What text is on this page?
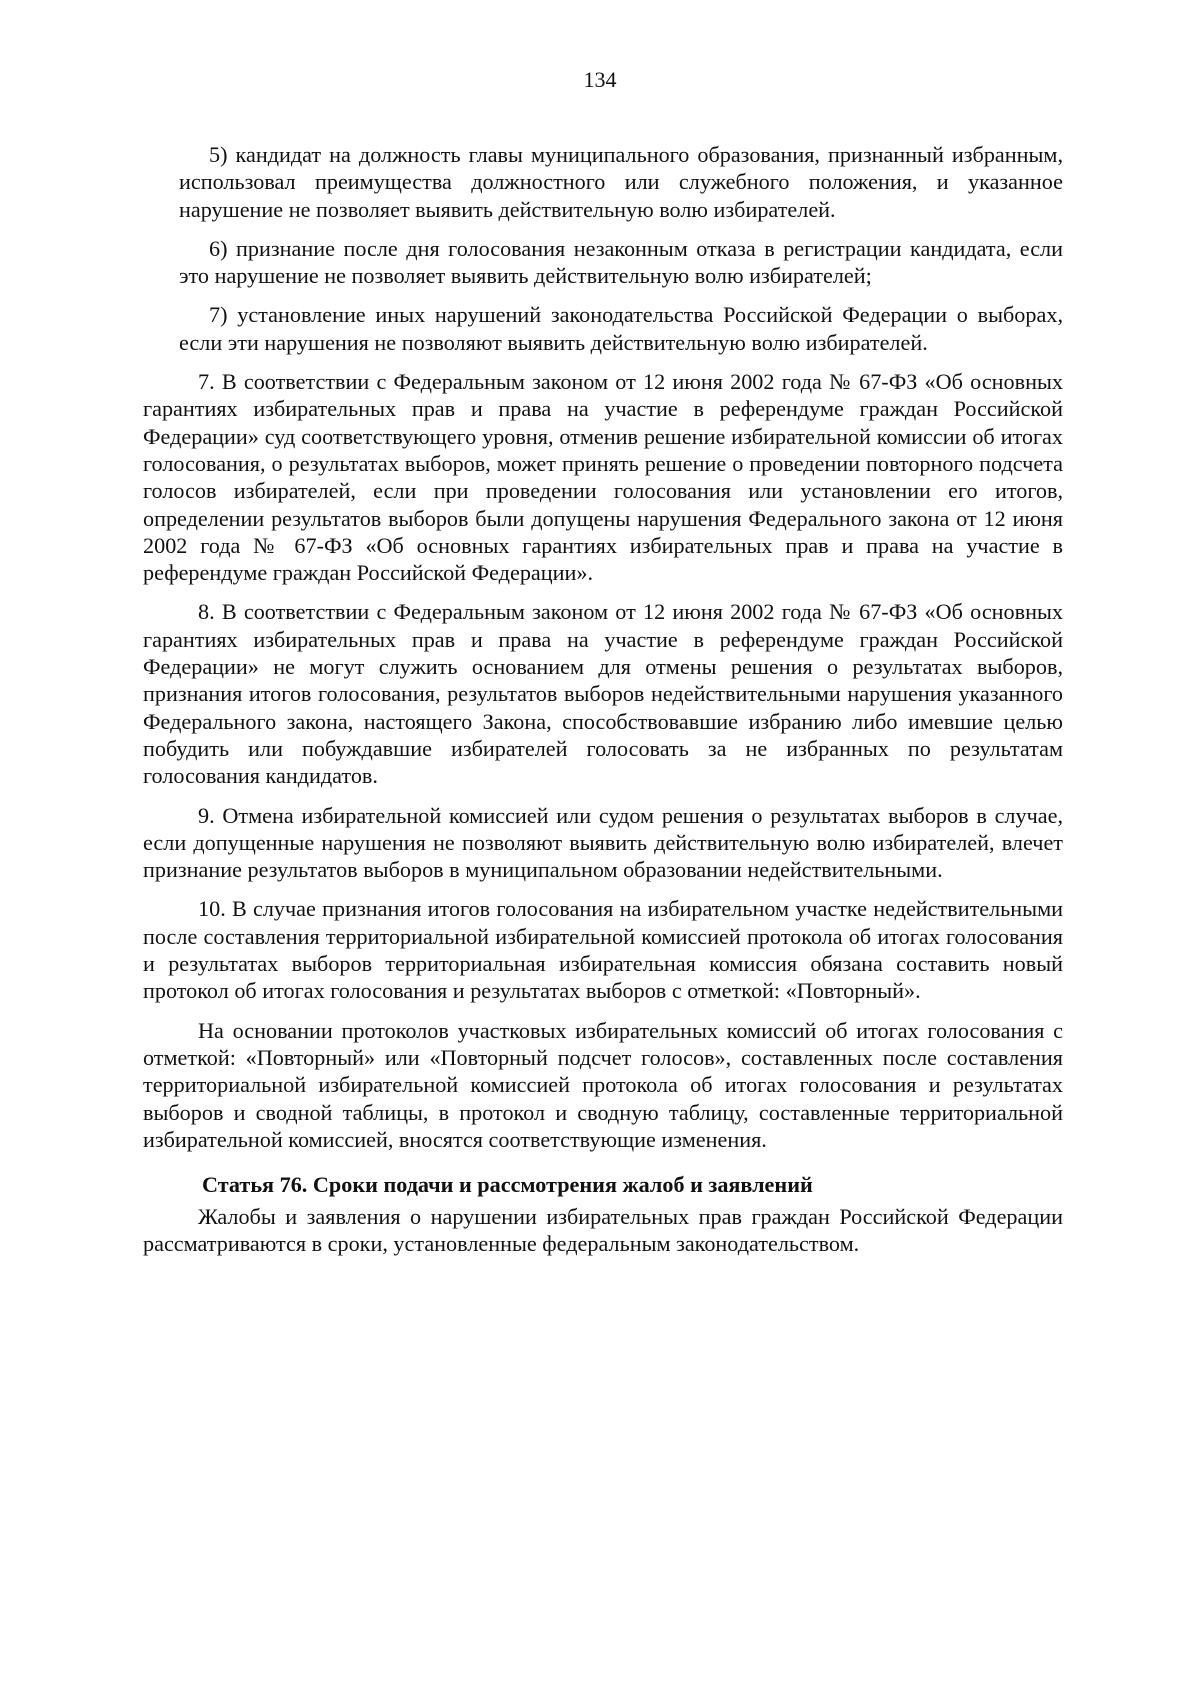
134

5) кандидат на должность главы муниципального образования, признанный избранным, использовал преимущества должностного или служебного положения, и указанное нарушение не позволяет выявить действительную волю избирателей.

6) признание после дня голосования незаконным отказа в регистрации кандидата, если это нарушение не позволяет выявить действительную волю избирателей;

7) установление иных нарушений законодательства Российской Федерации о выборах, если эти нарушения не позволяют выявить действительную волю избирателей.

7. В соответствии с Федеральным законом от 12 июня 2002 года № 67-ФЗ «Об основных гарантиях избирательных прав и права на участие в референдуме граждан Российской Федерации» суд соответствующего уровня, отменив решение избирательной комиссии об итогах голосования, о результатах выборов, может принять решение о проведении повторного подсчета голосов избирателей, если при проведении голосования или установлении его итогов, определении результатов выборов были допущены нарушения Федерального закона от 12 июня 2002 года № 67-ФЗ «Об основных гарантиях избирательных прав и права на участие в референдуме граждан Российской Федерации».

8. В соответствии с Федеральным законом от 12 июня 2002 года № 67-ФЗ «Об основных гарантиях избирательных прав и права на участие в референдуме граждан Российской Федерации» не могут служить основанием для отмены решения о результатах выборов, признания итогов голосования, результатов выборов недействительными нарушения указанного Федерального закона, настоящего Закона, способствовавшие избранию либо имевшие целью побудить или побуждавшие избирателей голосовать за не избранных по результатам голосования кандидатов.

9. Отмена избирательной комиссией или судом решения о результатах выборов в случае, если допущенные нарушения не позволяют выявить действительную волю избирателей, влечет признание результатов выборов в муниципальном образовании недействительными.

10. В случае признания итогов голосования на избирательном участке недействительными после составления территориальной избирательной комиссией протокола об итогах голосования и результатах выборов территориальная избирательная комиссия обязана составить новый протокол об итогах голосования и результатах выборов с отметкой: «Повторный».

На основании протоколов участковых избирательных комиссий об итогах голосования с отметкой: «Повторный» или «Повторный подсчет голосов», составленных после составления территориальной избирательной комиссией протокола об итогах голосования и результатах выборов и сводной таблицы, в протокол и сводную таблицу, составленные территориальной избирательной комиссией, вносятся соответствующие изменения.

Статья 76. Сроки подачи и рассмотрения жалоб и заявлений

Жалобы и заявления о нарушении избирательных прав граждан Российской Федерации рассматриваются в сроки, установленные федеральным законодательством.
